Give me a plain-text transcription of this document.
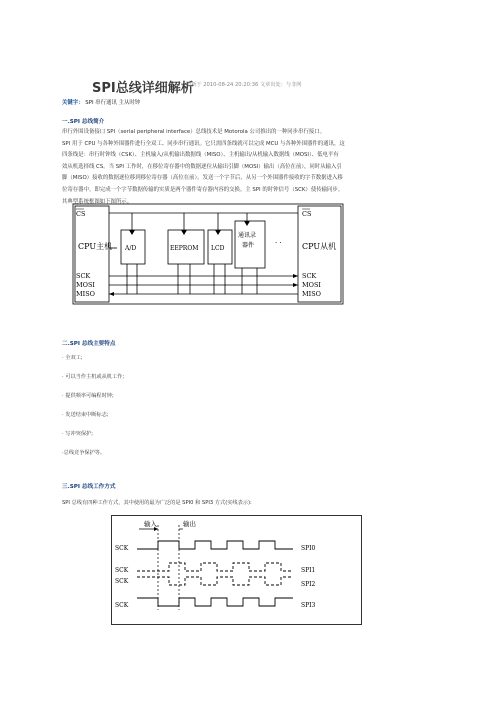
SPI总线详细解析
更新于 2010-08-24 20:20:36 文章出处：与非网
关键字： SPI 串行通讯 主从时钟
一.SPI 总线简介
串行外围设备接口 SPI（serial peripheral interface）总线技术是 Motorola 公司推出的一种同步串行接口。
SPI 用于 CPU 与各种外围器件进行全双工、同步串行通讯。它只需四条线就可以完成 MCU 与各种外围器件的通讯，这
四条线是：串行时钟线（CSK）、主机输入/从机输出数据线（MISO）、主机输出/从机输入数据线（MOSI）、低电平有
效从机选择线 CS。当 SPI 工作时，在移位寄存器中的数据逐位从输出引脚（MOSI）输出（高位在前），同时从输入引
脚（MISO）接收的数据逐位移到移位寄存器（高位在前）。发送一个字节后，从另一个外围器件接收的字节数据进入移
位寄存器中。即完成一个字节数据传输的实质是两个器件寄存器内容的交换。主 SPI 的时钟信号（SCK）使传输同步。
其典型系统框图如下图所示。
CS
CPU主机
SCK
MOSI
MISO
CS
CPU从机
SCK
MOSI
MISO
A/D	EEPROM LCD
通讯录
器件	· ·
二.SPI 总线主要特点
· 全双工;
· 可以当作主机或从机工作;
· 提供频率可编程时钟;
· 发送结束中断标志;
· 写冲突保护;
·总线竞争保护等。
三.SPI 总线工作方式
SPI 总线有四种工作方式，其中使用的最为广泛的是 SPI0 和 SPI3 方式(实线表示):
输入	输出
SCK
SCK
SCK
SCK
SPI0
SPI1
SPI2
SPI3
